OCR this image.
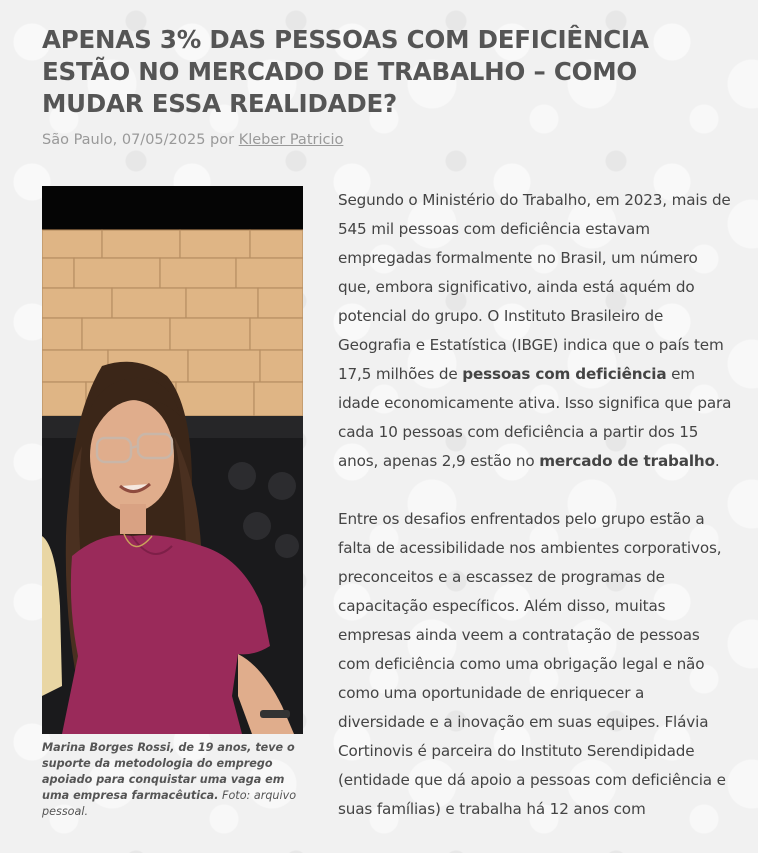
APENAS 3% DAS PESSOAS COM DEFICIÊNCIA ESTÃO NO MERCADO DE TRABALHO – COMO MUDAR ESSA REALIDADE?
São Paulo, 07/05/2025 por Kleber Patricio
Marina Borges Rossi, de 19 anos, teve o suporte da metodologia do emprego apoiado para conquistar uma vaga em uma empresa farmacêutica. Foto: arquivo pessoal.

Segundo o Ministério do Trabalho, em 2023, mais de 545 mil pessoas com deficiência estavam empregadas formalmente no Brasil, um número que, embora significativo, ainda está aquém do potencial do grupo. O Instituto Brasileiro de Geografia e Estatística (IBGE) indica que o país tem 17,5 milhões de pessoas com deficiência em idade economicamente ativa. Isso significa que para cada 10 pessoas com deficiência a partir dos 15 anos, apenas 2,9 estão no mercado de trabalho.

Entre os desafios enfrentados pelo grupo estão a falta de acessibilidade nos ambientes corporativos, preconceitos e a escassez de programas de capacitação específicos. Além disso, muitas empresas ainda veem a contratação de pessoas com deficiência como uma obrigação legal e não como uma oportunidade de enriquecer a diversidade e a inovação em suas equipes. Flávia Cortinovis é parceira do Instituto Serendipidade (entidade que dá apoio a pessoas com deficiência e suas famílias) e trabalha há 12 anos com
